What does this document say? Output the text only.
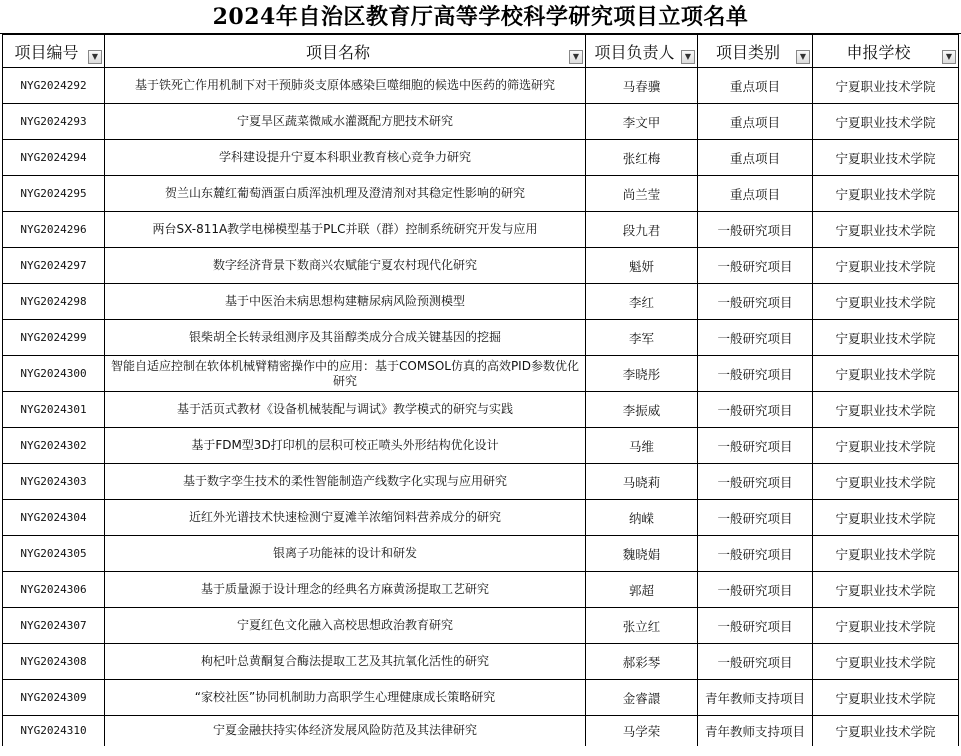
2024年自治区教育厅高等学校科学研究项目立项名单
项目编号 ▼	项目名称 ▼	项目负责人 ▼	项目类别 ▼	申报学校 ▼

NYG2024292	基于铁死亡作用机制下对干预肺炎支原体感染巨噬细胞的候选中医药的筛选研究	马春骥	重点项目	宁夏职业技术学院
NYG2024293	宁夏旱区蔬菜微咸水灌溉配方肥技术研究	李文甲	重点项目	宁夏职业技术学院
NYG2024294	学科建设提升宁夏本科职业教育核心竞争力研究	张红梅	重点项目	宁夏职业技术学院
NYG2024295	贺兰山东麓红葡萄酒蛋白质浑浊机理及澄清剂对其稳定性影响的研究	尚兰莹	重点项目	宁夏职业技术学院
NYG2024296	两台SX-811A教学电梯模型基于PLC并联（群）控制系统研究开发与应用	段九君	一般研究项目	宁夏职业技术学院
NYG2024297	数字经济背景下数商兴农赋能宁夏农村现代化研究	魁妍	一般研究项目	宁夏职业技术学院
NYG2024298	基于中医治未病思想构建糖尿病风险预测模型	李红	一般研究项目	宁夏职业技术学院
NYG2024299	银柴胡全长转录组测序及其甾醇类成分合成关键基因的挖掘	李军	一般研究项目	宁夏职业技术学院
NYG2024300	智能自适应控制在软体机械臂精密操作中的应用：基于COMSOL仿真的高效PID参数优化研究	李晓彤	一般研究项目	宁夏职业技术学院
NYG2024301	基于活页式教材《设备机械装配与调试》教学模式的研究与实践	李振威	一般研究项目	宁夏职业技术学院
NYG2024302	基于FDM型3D打印机的层积可校正喷头外形结构优化设计	马维	一般研究项目	宁夏职业技术学院
NYG2024303	基于数字孪生技术的柔性智能制造产线数字化实现与应用研究	马晓莉	一般研究项目	宁夏职业技术学院
NYG2024304	近红外光谱技术快速检测宁夏滩羊浓缩饲料营养成分的研究	纳嵘	一般研究项目	宁夏职业技术学院
NYG2024305	银离子功能袜的设计和研发	魏晓娟	一般研究项目	宁夏职业技术学院
NYG2024306	基于质量源于设计理念的经典名方麻黄汤提取工艺研究	郭超	一般研究项目	宁夏职业技术学院
NYG2024307	宁夏红色文化融入高校思想政治教育研究	张立红	一般研究项目	宁夏职业技术学院
NYG2024308	枸杞叶总黄酮复合酶法提取工艺及其抗氧化活性的研究	郝彩琴	一般研究项目	宁夏职业技术学院
NYG2024309	“家校社医”协同机制助力高职学生心理健康成长策略研究	金睿譞	青年教师支持项目	宁夏职业技术学院
NYG2024310	宁夏金融扶持实体经济发展风险防范及其法律研究	马学荣	青年教师支持项目	宁夏职业技术学院
